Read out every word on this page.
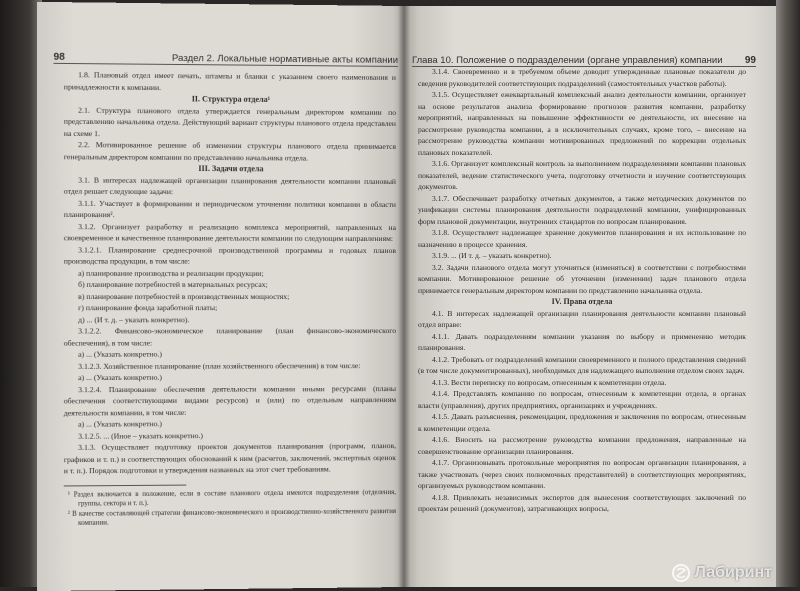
98	Раздел 2. Локальные нормативные акты компании

1.8. Плановый отдел имеет печать, штампы и бланки с указанием своего наименования и принадлежности к компании.

II. Структура отдела¹

2.1. Структура планового отдела утверждается генеральным директором компании по представлению начальника отдела. Действующий вариант структуры планового отдела представлен на схеме 1.

2.2. Мотивированное решение об изменении структуры планового отдела принимается генеральным директором компании по представлению начальника отдела.

III. Задачи отдела

3.1. В интересах надлежащей организации планирования деятельности компании плановый отдел решает следующие задачи:

3.1.1. Участвует в формировании и периодическом уточнении политики компании в области планирования².

3.1.2. Организует разработку и реализацию комплекса мероприятий, направленных на своевременное и качественное планирование деятельности компании по следующим направлениям:

3.1.2.1. Планирование среднесрочной производственной программы и годовых планов производства продукции, в том числе:

а) планирование производства и реализации продукции;

б) планирование потребностей в материальных ресурсах;

в) планирование потребностей в производственных мощностях;

г) планирование фонда заработной платы;

д) ... (И т. д. – указать конкретно).

3.1.2.2. Финансово-экономическое планирование (план финансово-экономического обеспечения), в том числе:

а) ... (Указать конкретно.)

3.1.2.3. Хозяйственное планирование (план хозяйственного обеспечения) в том числе:

а) ... (Указать конкретно.)

3.1.2.4. Планирование обеспечения деятельности компании иными ресурсами (планы обеспечения соответствующими видами ресурсов) и (или) по отдельным направлениям деятельности компании, в том числе:

а) ... (Указать конкретно.)

3.1.2.5. ... (Иное – указать конкретно.)

3.1.3. Осуществляет подготовку проектов документов планирования (программ, планов, графиков и т. п.) и соответствующих обоснований к ним (расчетов, заключений, экспертных оценок и т. п.). Порядок подготовки и утверждения названных на этот счет требованиям.

¹ Раздел включается в положение, если в составе планового отдела имеются подразделения (отделения, группы, сектора и т. п.).

² В качестве составляющей стратегии финансово-экономического и производственно-хозяйственного развития компании.

Глава 10. Положение о подразделении (органе управления) компании 99

3.1.4. Своевременно и в требуемом объеме доводит утвержденные плановые показатели до сведения руководителей соответствующих подразделений (самостоятельных участков работы).

3.1.5. Осуществляет ежеквартальный комплексный анализ деятельности компании, организует на основе результатов анализа формирование прогнозов развития компании, разработку мероприятий, направленных на повышение эффективности ее деятельности, их внесение на рассмотрение руководства компании, а в исключительных случаях, кроме того, – внесение на рассмотрение руководства компании мотивированных предложений по коррекции отдельных плановых показателей.

3.1.6. Организует комплексный контроль за выполнением подразделениями компании плановых показателей, ведение статистического учета, подготовку отчетности и изучение соответствующих документов.

3.1.7. Обеспечивает разработку отчетных документов, а также методических документов по унификации системы планирования деятельности подразделений компании, унифицированных форм плановой документации, внутренних стандартов по вопросам планирования.

3.1.8. Осуществляет надлежащее хранение документов планирования и их использование по назначению в процессе хранения.

3.1.9. ... (И т. д. – указать конкретно).

3.2. Задачи планового отдела могут уточняться (изменяться) в соответствии с потребностями компании. Мотивированное решение об уточнении (изменении) задач планового отдела принимается генеральным директором компании по представлению начальника отдела.

IV. Права отдела

4.1. В интересах надлежащей организации планирования деятельности компании плановый отдел вправе:

4.1.1. Давать подразделениям компании указания по выбору и применению методик планирования.

4.1.2. Требовать от подразделений компании своевременного и полного представления сведений (в том числе документированных), необходимых для надлежащего выполнения отделом своих задач.

4.1.3. Вести переписку по вопросам, отнесенным к компетенции отдела.

4.1.4. Представлять компанию по вопросам, отнесенным к компетенции отдела, в органах власти (управления), других предприятиях, организациях и учреждениях.

4.1.5. Давать разъяснения, рекомендации, предложения и заключения по вопросам, отнесенным к компетенции отдела.

4.1.6. Вносить на рассмотрение руководства компании предложения, направленные на совершенствование организации планирования.

4.1.7. Организовывать протокольные мероприятия по вопросам организации планирования, а также участвовать (через своих полномочных представителей) в соответствующих мероприятиях, организуемых руководством компании.

4.1.8. Привлекать независимых экспертов для вынесения соответствующих заключений по проектам решений (документов), затрагивающих вопросы,

Лабиринт
